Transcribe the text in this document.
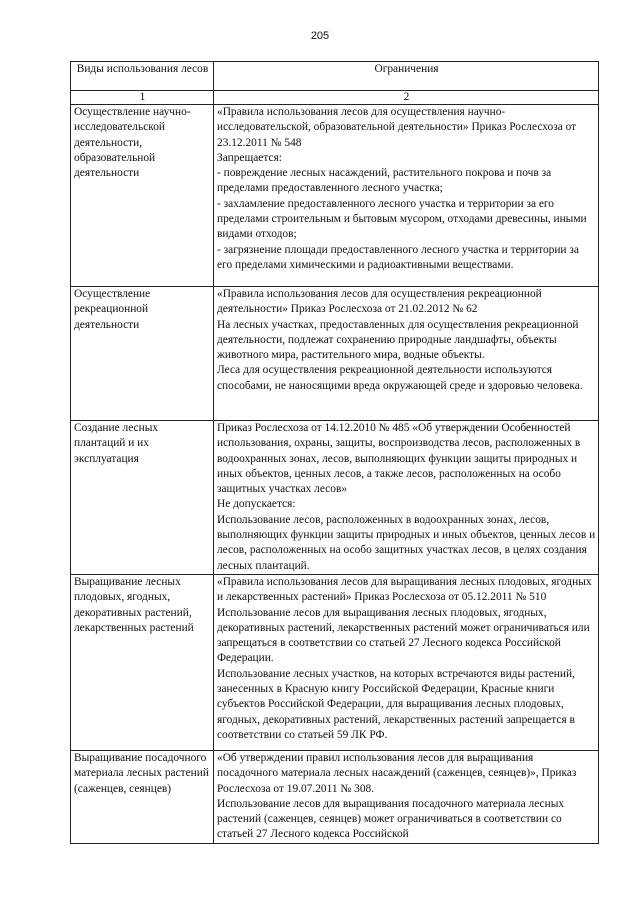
205
Виды использования лесов	Ограничения
1	2
Осуществление научно-исследовательской деятельности, образовательной деятельности	«Правила использования лесов для осуществления научно-исследовательской, образовательной деятельности» Приказ Рослесхоза от 23.12.2011 № 548

Запрещается:

- повреждение лесных насаждений, растительного покрова и почв за пределами предоставленного лесного участка;

- захламление предоставленного лесного участка и территории за его пределами строительным и бытовым мусором, отходами древесины, иными видами отходов;

- загрязнение площади предоставленного лесного участка и территории за его пределами химическими и радиоактивными веществами.

Осуществление рекреационной деятельности	«Правила использования лесов для осуществления рекреационной деятельности» Приказ Рослесхоза от 21.02.2012 № 62

На лесных участках, предоставленных для осуществления рекреационной деятельности, подлежат сохранению природные ландшафты, объекты животного мира, растительного мира, водные объекты.

Леса для осуществления рекреационной деятельности используются способами, не наносящими вреда окружающей среде и здоровью человека.

Создание лесных плантаций и их эксплуатация	Приказ Рослесхоза от 14.12.2010 № 485 «Об утверждении Особенностей использования, охраны, защиты, воспроизводства лесов, расположенных в водоохранных зонах, лесов, выполняющих функции защиты природных и иных объектов, ценных лесов, а также лесов, расположенных на особо защитных участках лесов»

Не допускается:

Использование лесов, расположенных в водоохранных зонах, лесов, выполняющих функции защиты природных и иных объектов, ценных лесов и лесов, расположенных на особо защитных участках лесов, в целях создания лесных плантаций.

Выращивание лесных плодовых, ягодных, декоративных растений, лекарственных растений	«Правила использования лесов для выращивания лесных плодовых, ягодных и лекарственных растений» Приказ Рослесхоза от 05.12.2011 № 510

Использование лесов для выращивания лесных плодовых, ягодных, декоративных растений, лекарственных растений может ограничиваться или запрещаться в соответствии со статьей 27 Лесного кодекса Российской Федерации.

Использование лесных участков, на которых встречаются виды растений, занесенных в Красную книгу Российской Федерации, Красные книги субъектов Российской Федерации, для выращивания лесных плодовых, ягодных, декоративных растений, лекарственных растений запрещается в соответствии со статьей 59 ЛК РФ.

Выращивание посадочного материала лесных растений (саженцев, сеянцев)	«Об утверждении правил использования лесов для выращивания посадочного материала лесных насаждений (саженцев, сеянцев)», Приказ Рослесхоза от 19.07.2011 № 308.

Использование лесов для выращивания посадочного материала лесных растений (саженцев, сеянцев) может ограничиваться в соответствии со статьей 27 Лесного кодекса Российской
